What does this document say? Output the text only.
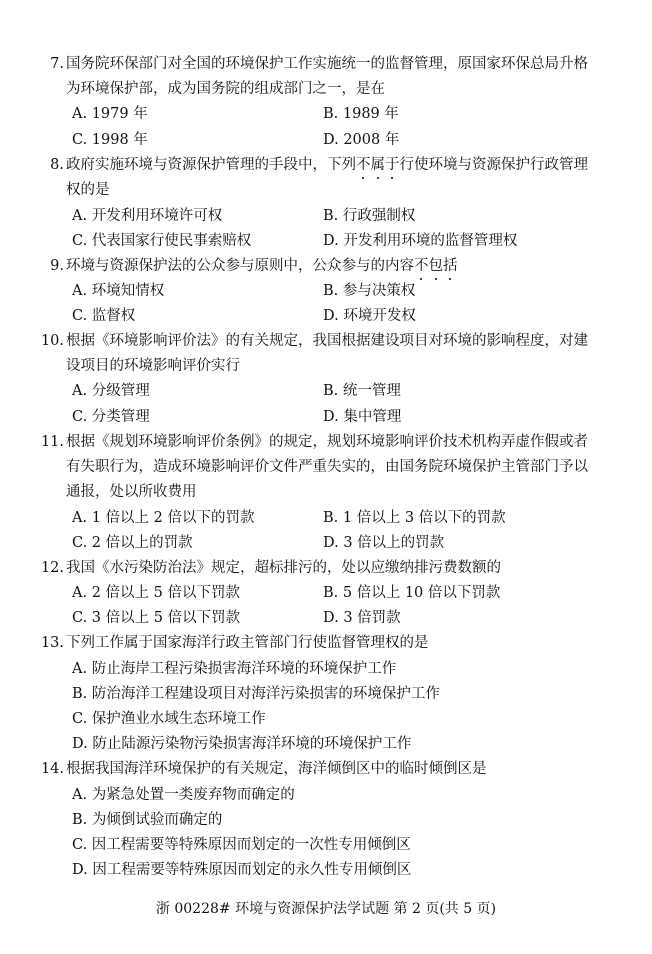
7. 国务院环保部门对全国的环境保护工作实施统一的监督管理，原国家环保总局升格
为环境保护部，成为国务院的组成部门之一，是在
A. 1979 年	B. 1989 年
C. 1998 年	D. 2008 年
8. 政府实施环境与资源保护管理的手段中，下列不属于行使环境与资源保护行政管理
权的是
A. 开发利用环境许可权	B. 行政强制权
C. 代表国家行使民事索赔权	D. 开发利用环境的监督管理权
9. 环境与资源保护法的公众参与原则中，公众参与的内容不包括
A. 环境知情权	B. 参与决策权
C. 监督权	D. 环境开发权
10. 根据《环境影响评价法》的有关规定，我国根据建设项目对环境的影响程度，对建
设项目的环境影响评价实行
A. 分级管理	B. 统一管理
C. 分类管理	D. 集中管理
11. 根据《规划环境影响评价条例》的规定，规划环境影响评价技术机构弄虚作假或者
有失职行为，造成环境影响评价文件严重失实的，由国务院环境保护主管部门予以
通报，处以所收费用
A. 1 倍以上 2 倍以下的罚款	B. 1 倍以上 3 倍以下的罚款
C. 2 倍以上的罚款	D. 3 倍以上的罚款
12. 我国《水污染防治法》规定，超标排污的，处以应缴纳排污费数额的
A. 2 倍以上 5 倍以下罚款	B. 5 倍以上 10 倍以下罚款
C. 3 倍以上 5 倍以下罚款	D. 3 倍罚款
13. 下列工作属于国家海洋行政主管部门行使监督管理权的是
A. 防止海岸工程污染损害海洋环境的环境保护工作
B. 防治海洋工程建设项目对海洋污染损害的环境保护工作
C. 保护渔业水域生态环境工作
D. 防止陆源污染物污染损害海洋环境的环境保护工作
14. 根据我国海洋环境保护的有关规定，海洋倾倒区中的临时倾倒区是
A. 为紧急处置一类废弃物而确定的
B. 为倾倒试验而确定的
C. 因工程需要等特殊原因而划定的一次性专用倾倒区
D. 因工程需要等特殊原因而划定的永久性专用倾倒区
浙 00228# 环境与资源保护法学试题 第 2 页(共 5 页)
